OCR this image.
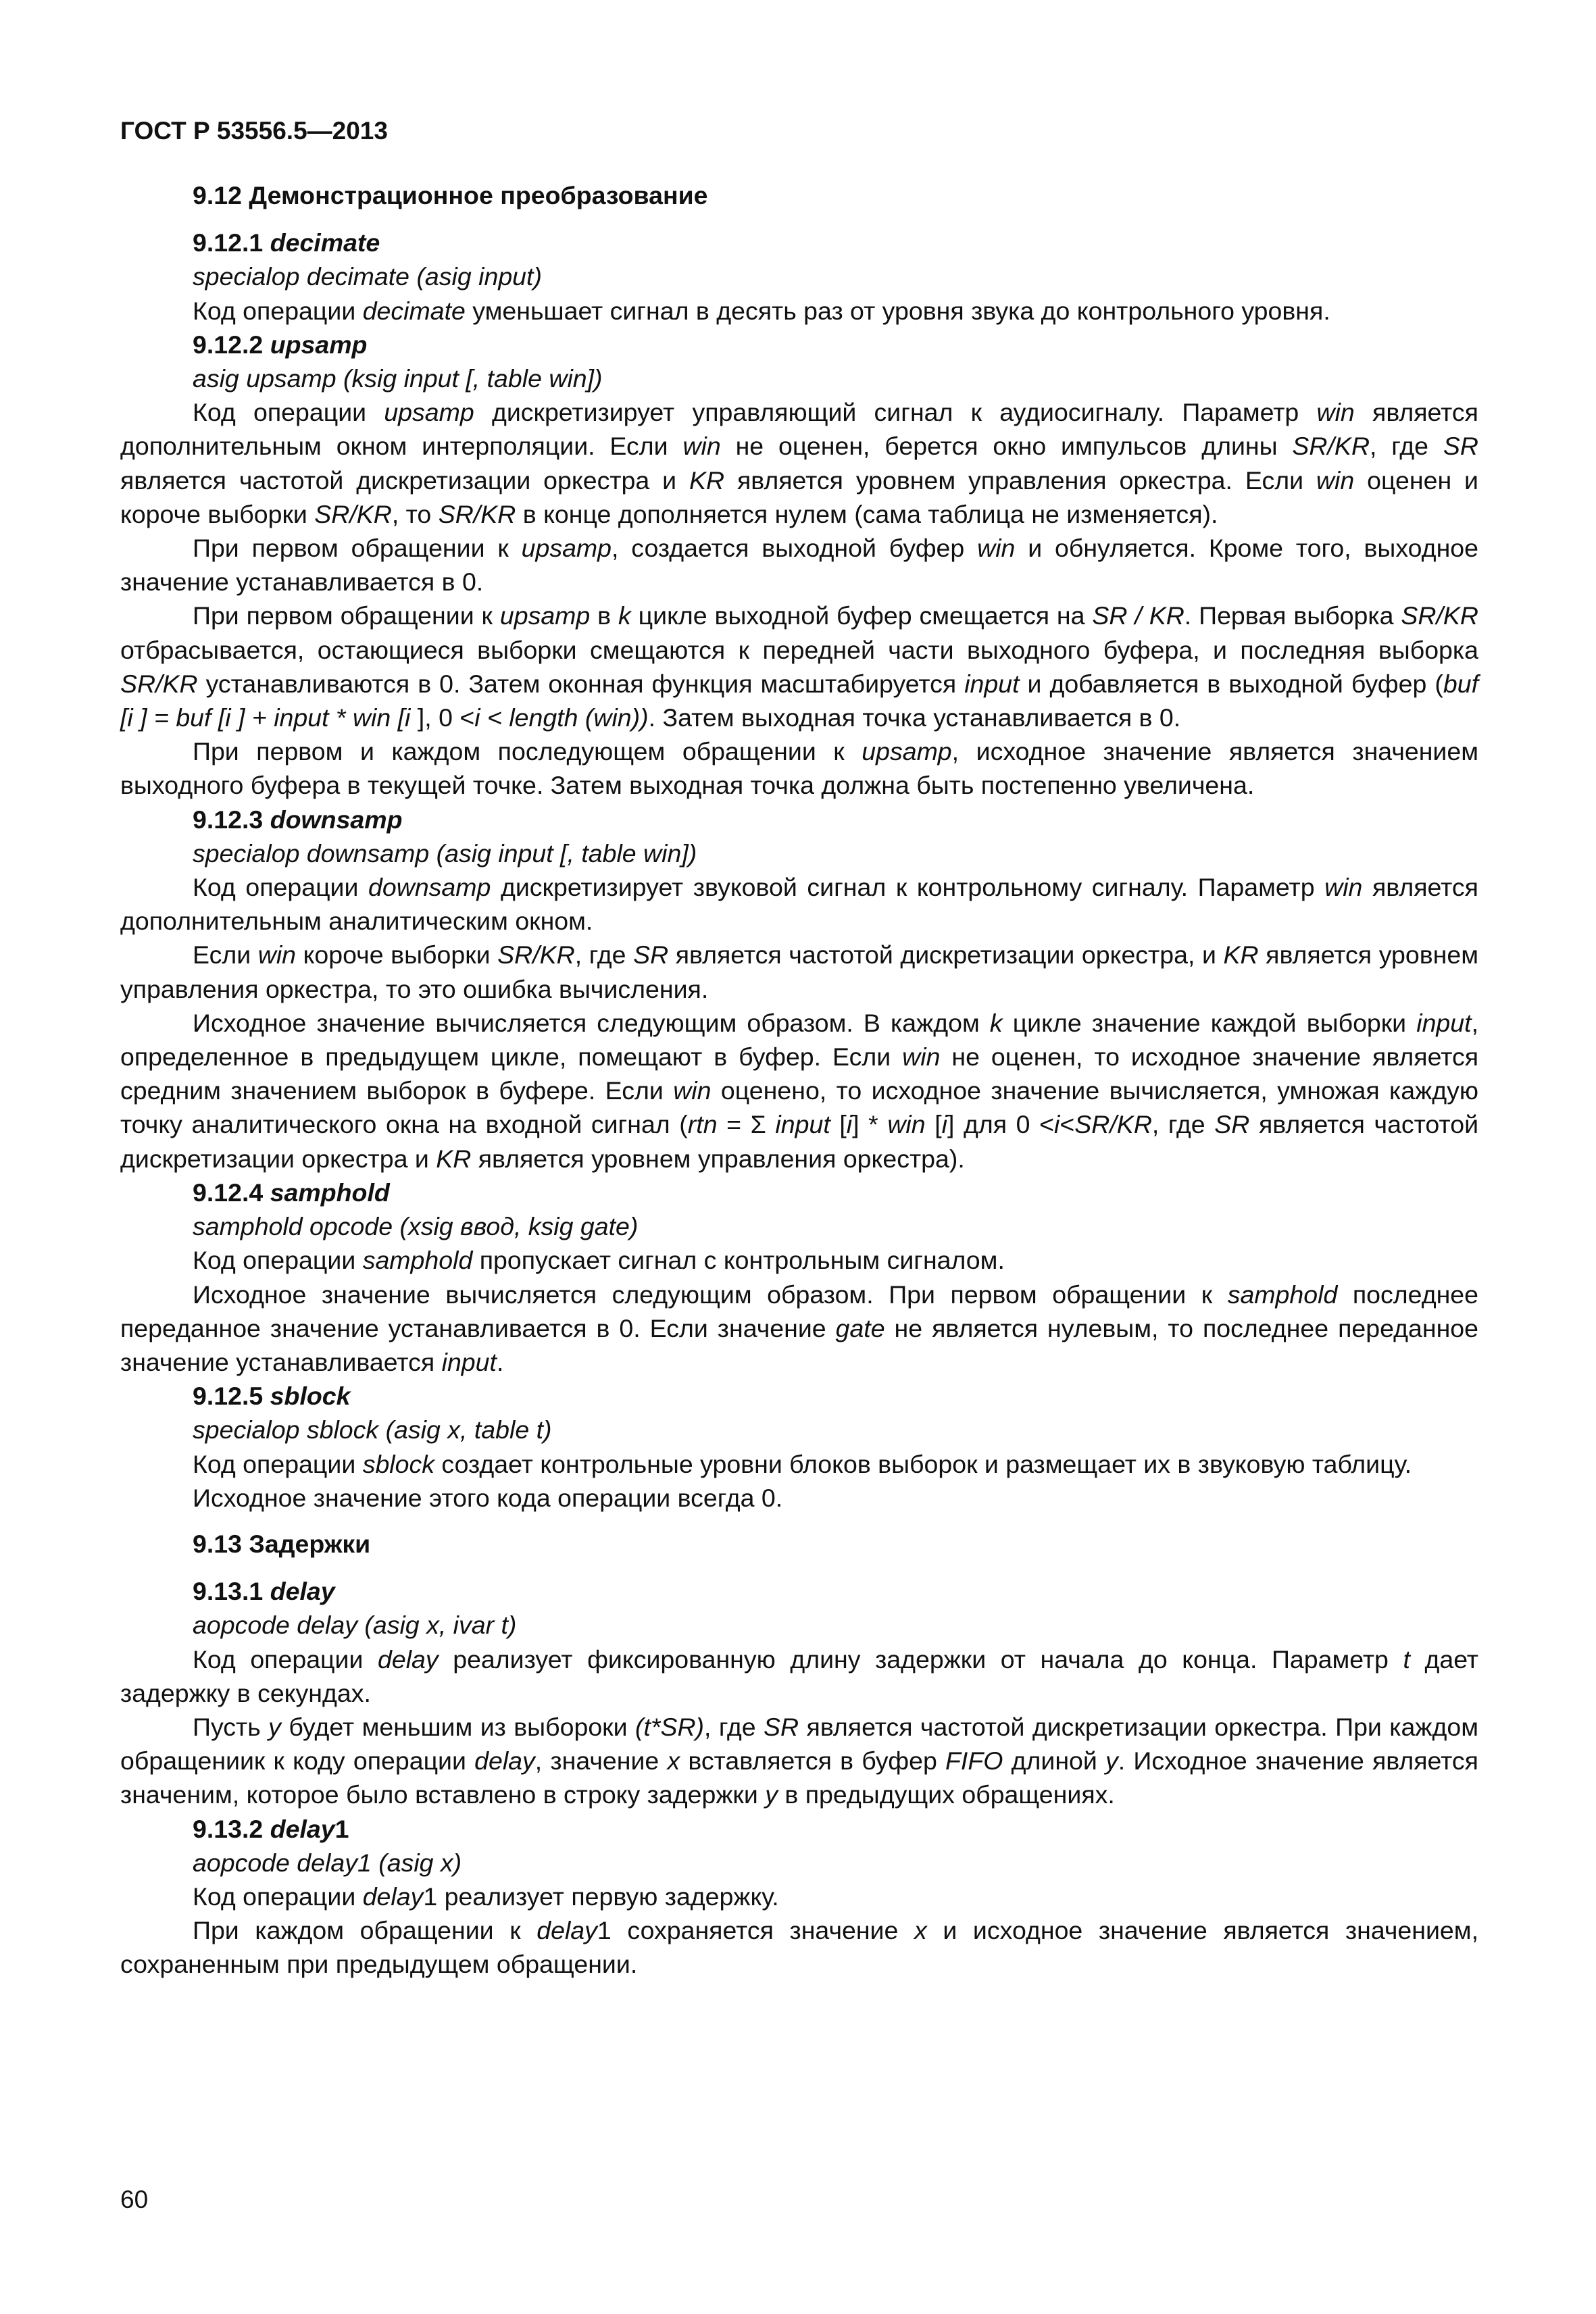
ГОСТ Р 53556.5—2013

9.12 Демонстрационное преобразование

9.12.1 decimate

specialop decimate (asig input)

Код операции decimate уменьшает сигнал в десять раз от уровня звука до контрольного уровня.

9.12.2 upsamp

asig upsamp (ksig input [, table win])

Код операции upsamp дискретизирует управляющий сигнал к аудиосигналу. Параметр win является дополнительным окном интерполяции. Если win не оценен, берется окно импульсов длины SR/KR, где SR является частотой дискретизации оркестра и KR является уровнем управления оркестра. Если win оценен и короче выборки SR/KR, то SR/KR в конце дополняется нулем (сама таблица не изменяется).

При первом обращении к upsamp, создается выходной буфер win и обнуляется. Кроме того, выходное значение устанавливается в 0.

При первом обращении к upsamp в k цикле выходной буфер смещается на SR / KR. Первая выборка SR/KR отбрасывается, остающиеся выборки смещаются к передней части выходного буфера, и последняя выборка SR/KR устанавливаются в 0. Затем оконная функция масштабируется input и добавляется в выходной буфер (buf [i ] = buf [i ] + input * win [i ], 0 <i < length (win)). Затем выходная точка устанавливается в 0.

При первом и каждом последующем обращении к upsamp, исходное значение является значением выходного буфера в текущей точке. Затем выходная точка должна быть постепенно увеличена.

9.12.3 downsamp

specialop downsamp (asig input [, table win])

Код операции downsamp дискретизирует звуковой сигнал к контрольному сигналу. Параметр win является дополнительным аналитическим окном.

Если win короче выборки SR/KR, где SR является частотой дискретизации оркестра, и KR является уровнем управления оркестра, то это ошибка вычисления.

Исходное значение вычисляется следующим образом. В каждом k цикле значение каждой выборки input, определенное в предыдущем цикле, помещают в буфер. Если win не оценен, то исходное значение является средним значением выборок в буфере. Если win оценено, то исходное значение вычисляется, умножая каждую точку аналитического окна на входной сигнал (rtn = Σ input [i] * win [i] для 0 <i<SR/KR, где SR является частотой дискретизации оркестра и KR является уровнем управления оркестра).

9.12.4 samphold

samphold opcode (xsig ввод, ksig gate)

Код операции samphold пропускает сигнал с контрольным сигналом.

Исходное значение вычисляется следующим образом. При первом обращении к samphold последнее переданное значение устанавливается в 0. Если значение gate не является нулевым, то последнее переданное значение устанавливается input.

9.12.5 sblock

specialop sblock (asig x, table t)

Код операции sblock создает контрольные уровни блоков выборок и размещает их в звуковую таблицу.

Исходное значение этого кода операции всегда 0.

9.13 Задержки

9.13.1 delay

aopcode delay (asig x, ivar t)

Код операции delay реализует фиксированную длину задержки от начала до конца. Параметр t дает задержку в секундах.

Пусть y будет меньшим из выбороки (t*SR), где SR является частотой дискретизации оркестра. При каждом обращениик к коду операции delay, значение x вставляется в буфер FIFO длиной y. Исходное значение является значеним, которое было вставлено в строку задержки y в предыдущих обращениях.

9.13.2 delay1

aopcode delay1 (asig x)

Код операции delay1 реализует первую задержку.

При каждом обращении к delay1 сохраняется значение x и исходное значение является значением, сохраненным при предыдущем обращении.

60
